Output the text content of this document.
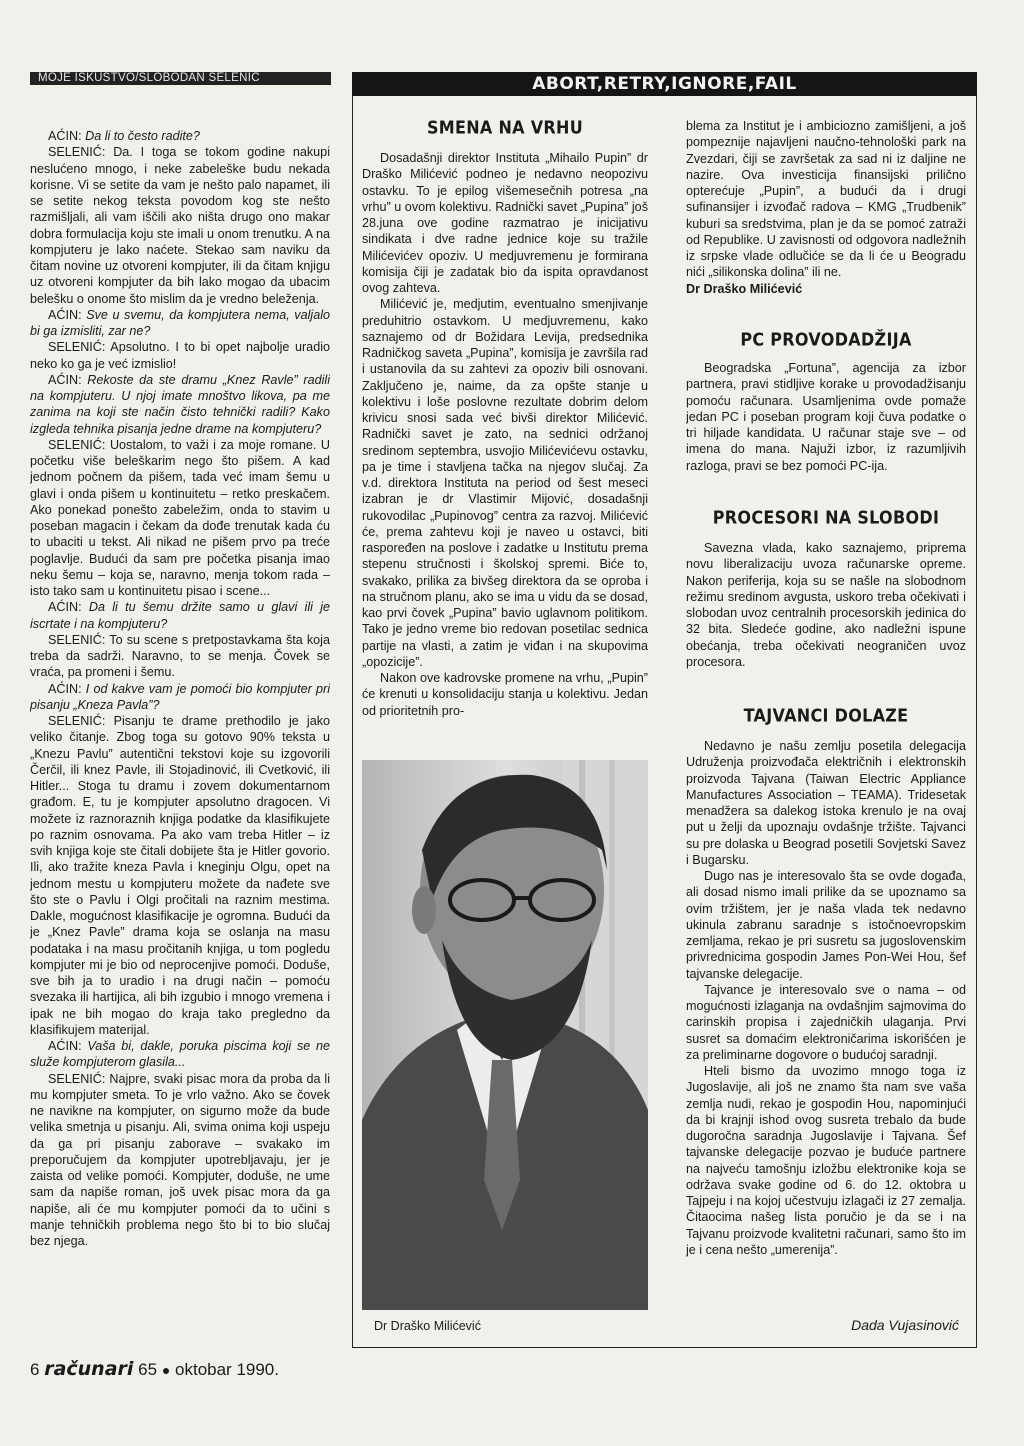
MOJE ISKUSTVO/SLOBODAN SELENIĆ

AĆIN: Da li to često radite?

SELENIĆ: Da. I toga se tokom godine nakupi neslućeno mnogo, i neke zabeleške budu nekada korisne. Vi se setite da vam je nešto palo napamet, ili se setite nekog teksta povodom kog ste nešto razmišljali, ali vam iščili ako ništa drugo ono makar dobra formulacija koju ste imali u onom trenutku. A na kompjuteru je lako naćete. Stekao sam naviku da čitam novine uz otvoreni kompjuter, ili da čitam knjigu uz otvoreni kompjuter da bih lako mogao da ubacim belešku o onome što mislim da je vredno beleženja.

AĆIN: Sve u svemu, da kompjutera nema, valjalo bi ga izmisliti, zar ne?

SELENIĆ: Apsolutno. I to bi opet najbolje uradio neko ko ga je već izmislio!

AĆIN: Rekoste da ste dramu „Knez Ravle” radili na kompjuteru. U njoj imate mnoštvo likova, pa me zanima na koji ste način čisto tehnički radili? Kako izgleda tehnika pisanja jedne drame na kompjuteru?

SELENIĆ: Uostalom, to važi i za moje romane. U početku više beleškarim nego što pišem. A kad jednom počnem da pišem, tada već imam šemu u glavi i onda pišem u kontinuitetu – retko preskačem. Ako ponekad ponešto zabeležim, onda to stavim u poseban magacin i čekam da dođe trenutak kada ću to ubaciti u tekst. Ali nikad ne pišem prvo pa treće poglavlje. Budući da sam pre početka pisanja imao neku šemu – koja se, naravno, menja tokom rada – isto tako sam u kontinuitetu pisao i scene...

AĆIN: Da li tu šemu držite samo u glavi ili je iscrtate i na kompjuteru?

SELENIĆ: To su scene s pretpostavkama šta koja treba da sadrži. Naravno, to se menja. Čovek se vraća, pa promeni i šemu.

AĆIN: I od kakve vam je pomoći bio kompjuter pri pisanju „Kneza Pavla”?

SELENIĆ: Pisanju te drame prethodilo je jako veliko čitanje. Zbog toga su gotovo 90% teksta u „Knezu Pavlu” autentični tekstovi koje su izgovorili Čerčil, ili knez Pavle, ili Stojadinović, ili Cvetković, ili Hitler... Stoga tu dramu i zovem dokumentarnom građom. E, tu je kompjuter apsolutno dragocen. Vi možete iz raznoraznih knjiga podatke da klasifikujete po raznim osnovama. Pa ako vam treba Hitler – iz svih knjiga koje ste čitali dobijete šta je Hitler govorio. Ili, ako tražite kneza Pavla i kneginju Olgu, opet na jednom mestu u kompjuteru možete da nađete sve što ste o Pavlu i Olgi pročitali na raznim mestima. Dakle, mogućnost klasifikacije je ogromna. Budući da je „Knez Pavle” drama koja se oslanja na masu podataka i na masu pročitanih knjiga, u tom pogledu kompjuter mi je bio od neprocenjive pomoći. Doduše, sve bih ja to uradio i na drugi način – pomoću svezaka ili hartijica, ali bih izgubio i mnogo vremena i ipak ne bih mogao do kraja tako pregledno da klasifikujem materijal.

AĆIN: Vaša bi, dakle, poruka piscima koji se ne služe kompjuterom glasila...

SELENIĆ: Najpre, svaki pisac mora da proba da li mu kompjuter smeta. To je vrlo važno. Ako se čovek ne navikne na kompjuter, on sigurno može da bude velika smetnja u pisanju. Ali, svima onima koji uspeju da ga pri pisanju zaborave – svakako im preporučujem da kompjuter upotrebljavaju, jer je zaista od velike pomoći. Kompjuter, doduše, ne ume sam da napiše roman, još uvek pisac mora da ga napiše, ali će mu kompjuter pomoći da to učini s manje tehničkih problema nego što bi to bio slučaj bez njega.

ABORT,RETRY,IGNORE,FAIL
SMENA NA VRHU

Dosadašnji direktor Instituta „Mihailo Pupin” dr Draško Milićević podneo je nedavno neopozivu ostavku. To je epilog višemesečnih potresa „na vrhu” u ovom kolektivu. Radnički savet „Pupina” još 28.juna ove godine razmatrao je inicijativu sindikata i dve radne jednice koje su tražile Milićevićev opoziv. U medjuvremenu je formirana komisija čiji je zadatak bio da ispita opravdanost ovog zahteva.

Milićević je, medjutim, eventualno smenjivanje preduhitrio ostavkom. U medjuvremenu, kako saznajemo od dr Božidara Levija, predsednika Radničkog saveta „Pupina”, komisija je završila rad i ustanovila da su zahtevi za opoziv bili osnovani. Zaključeno je, naime, da za opšte stanje u kolektivu i loše poslovne rezultate dobrim delom krivicu snosi sada već bivši direktor Milićević. Radnički savet je zato, na sednici održanoj sredinom septembra, usvojio Milićevićevu ostavku, pa je time i stavljena tačka na njegov slučaj. Za v.d. direktora Instituta na period od šest meseci izabran je dr Vlastimir Mijović, dosadašnji rukovodilac „Pupinovog” centra za razvoj. Milićević će, prema zahtevu koji je naveo u ostavci, biti raspoređen na poslove i zadatke u Institutu prema stepenu stručnosti i školskoj spremi. Biće to, svakako, prilika za bivšeg direktora da se oproba i na stručnom planu, ako se ima u vidu da se dosad, kao prvi čovek „Pupina” bavio uglavnom politikom. Tako je jedno vreme bio redovan posetilac sednica partije na vlasti, a zatim je viđan i na skupovima „opozicije”.

Nakon ove kadrovske promene na vrhu, „Pupin” će krenuti u konsolidaciju stanja u kolektivu. Jedan od prioritetnih pro-

Dr Draško Milićević

blema za Institut je i ambiciozno zamišljeni, a još pompeznije najavljeni naučno-tehnološki park na Zvezdari, čiji se završetak za sad ni iz daljine ne nazire. Ova investicija finansijski prilično opterećuje „Pupin”, a budući da i drugi sufinansijer i izvođač radova – KMG „Trudbenik” kuburi sa sredstvima, plan je da se pomoć zatraži od Republike. U zavisnosti od odgovora nadležnih iz srpske vlade odlučiće se da li će u Beogradu nići „silikonska dolina” ili ne.

Dr Draško Milićević

PC PROVODADŽIJA

Beogradska „Fortuna”, agencija za izbor partnera, pravi stidljive korake u provodadžisanju pomoću računara. Usamljenima ovde pomaže jedan PC i poseban program koji čuva podatke o tri hiljade kandidata. U računar staje sve – od imena do mana. Najuži izbor, iz razumljivih razloga, pravi se bez pomoći PC-ija.

PROCESORI NA SLOBODI

Savezna vlada, kako saznajemo, priprema novu liberalizaciju uvoza računarske opreme. Nakon periferija, koja su se našle na slobodnom režimu sredinom avgusta, uskoro treba očekivati i slobodan uvoz centralnih procesorskih jedinica do 32 bita. Sledeće godine, ako nadležni ispune obećanja, treba očekivati neograničen uvoz procesora.

TAJVANCI DOLAZE

Nedavno je našu zemlju posetila delegacija Udruženja proizvođača električnih i elektronskih proizvoda Tajvana (Taiwan Electric Appliance Manufactures Association – TEAMA). Tridesetak menadžera sa dalekog istoka krenulo je na ovaj put u želji da upoznaju ovdašnje tržište. Tajvanci su pre dolaska u Beograd posetili Sovjetski Savez i Bugarsku.

Dugo nas je interesovalo šta se ovde događa, ali dosad nismo imali prilike da se upoznamo sa ovim tržištem, jer je naša vlada tek nedavno ukinula zabranu saradnje s istočnoevropskim zemljama, rekao je pri susretu sa jugoslovenskim privrednicima gospodin James Pon-Wei Hou, šef tajvanske delegacije.

Tajvance je interesovalo sve o nama – od mogućnosti izlaganja na ovdašnjim sajmovima do carinskih propisa i zajedničkih ulaganja. Prvi susret sa domaćim elektroničarima iskorišćen je za preliminarne dogovore o budućoj saradnji.

Hteli bismo da uvozimo mnogo toga iz Jugoslavije, ali još ne znamo šta nam sve vaša zemlja nudi, rekao je gospodin Hou, napominjući da bi krajnji ishod ovog susreta trebalo da bude dugoročna saradnja Jugoslavije i Tajvana. Šef tajvanske delegacije pozvao je buduće partnere na najveću tamošnju izložbu elektronike koja se održava svake godine od 6. do 12. oktobra u Tajpeju i na kojoj učestvuju izlagači iz 27 zemalja. Čitaocima našeg lista poručio je da se i na Tajvanu proizvode kvalitetni računari, samo što im je i cena nešto „umerenija”.

Dada Vujasinović
6 računari 65 ● oktobar 1990.
